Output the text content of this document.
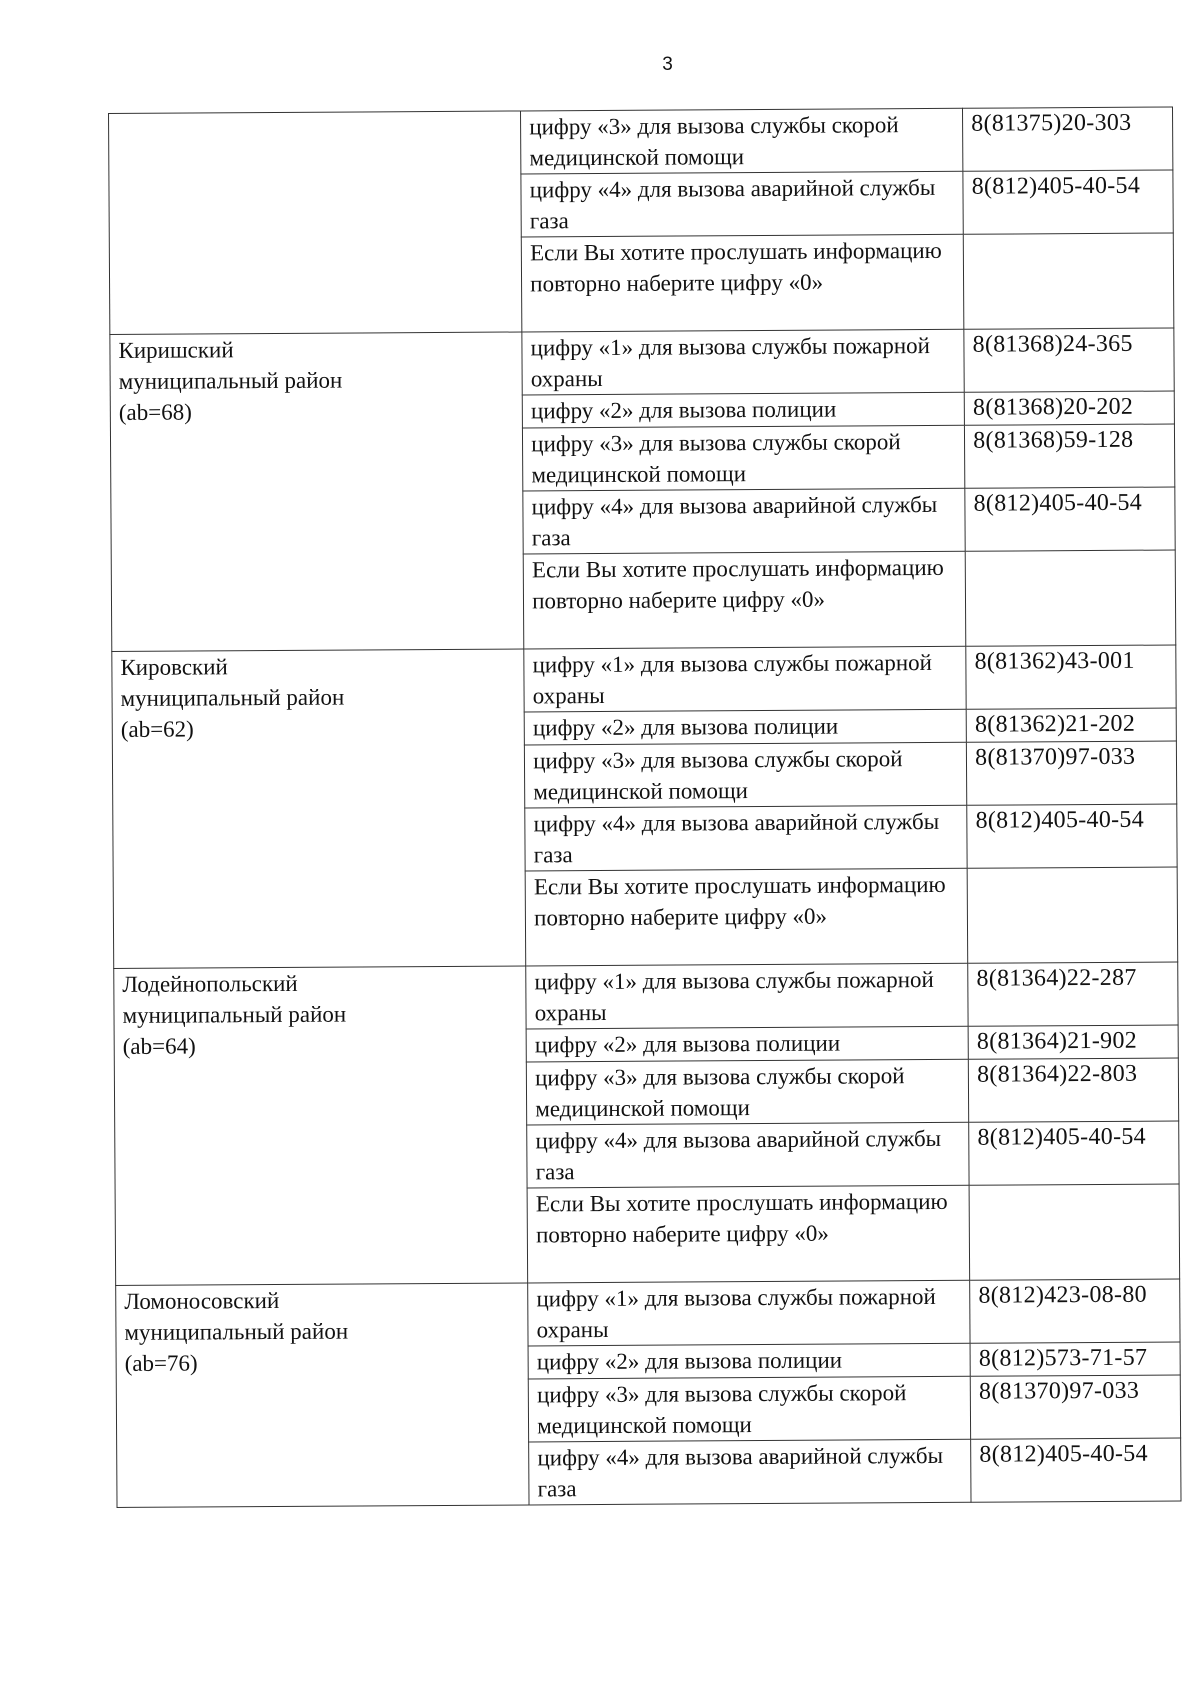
3
	цифру «3» для вызова службы скорой медицинской помощи	8(81375)20-303
	цифру «4» для вызова аварийной службы газа	8(812)405-40-54
	Если Вы хотите прослушать информацию повторно наберите цифру «0»	

Киришский
муниципальный район
(ab=68)	цифру «1» для вызова службы пожарной охраны	8(81368)24-365
	цифру «2» для вызова полиции	8(81368)20-202
	цифру «3» для вызова службы скорой медицинской помощи	8(81368)59-128
	цифру «4» для вызова аварийной службы газа	8(812)405-40-54
	Если Вы хотите прослушать информацию повторно наберите цифру «0»	

Кировский
муниципальный район
(ab=62)	цифру «1» для вызова службы пожарной охраны	8(81362)43-001
	цифру «2» для вызова полиции	8(81362)21-202
	цифру «3» для вызова службы скорой медицинской помощи	8(81370)97-033
	цифру «4» для вызова аварийной службы газа	8(812)405-40-54
	Если Вы хотите прослушать информацию повторно наберите цифру «0»	

Лодейнопольский
муниципальный район
(ab=64)	цифру «1» для вызова службы пожарной охраны	8(81364)22-287
	цифру «2» для вызова полиции	8(81364)21-902
	цифру «3» для вызова службы скорой медицинской помощи	8(81364)22-803
	цифру «4» для вызова аварийной службы газа	8(812)405-40-54
	Если Вы хотите прослушать информацию повторно наберите цифру «0»	

Ломоносовский
муниципальный район
(ab=76)	цифру «1» для вызова службы пожарной охраны	8(812)423-08-80
	цифру «2» для вызова полиции	8(812)573-71-57
	цифру «3» для вызова службы скорой медицинской помощи	8(81370)97-033
	цифру «4» для вызова аварийной службы газа	8(812)405-40-54
